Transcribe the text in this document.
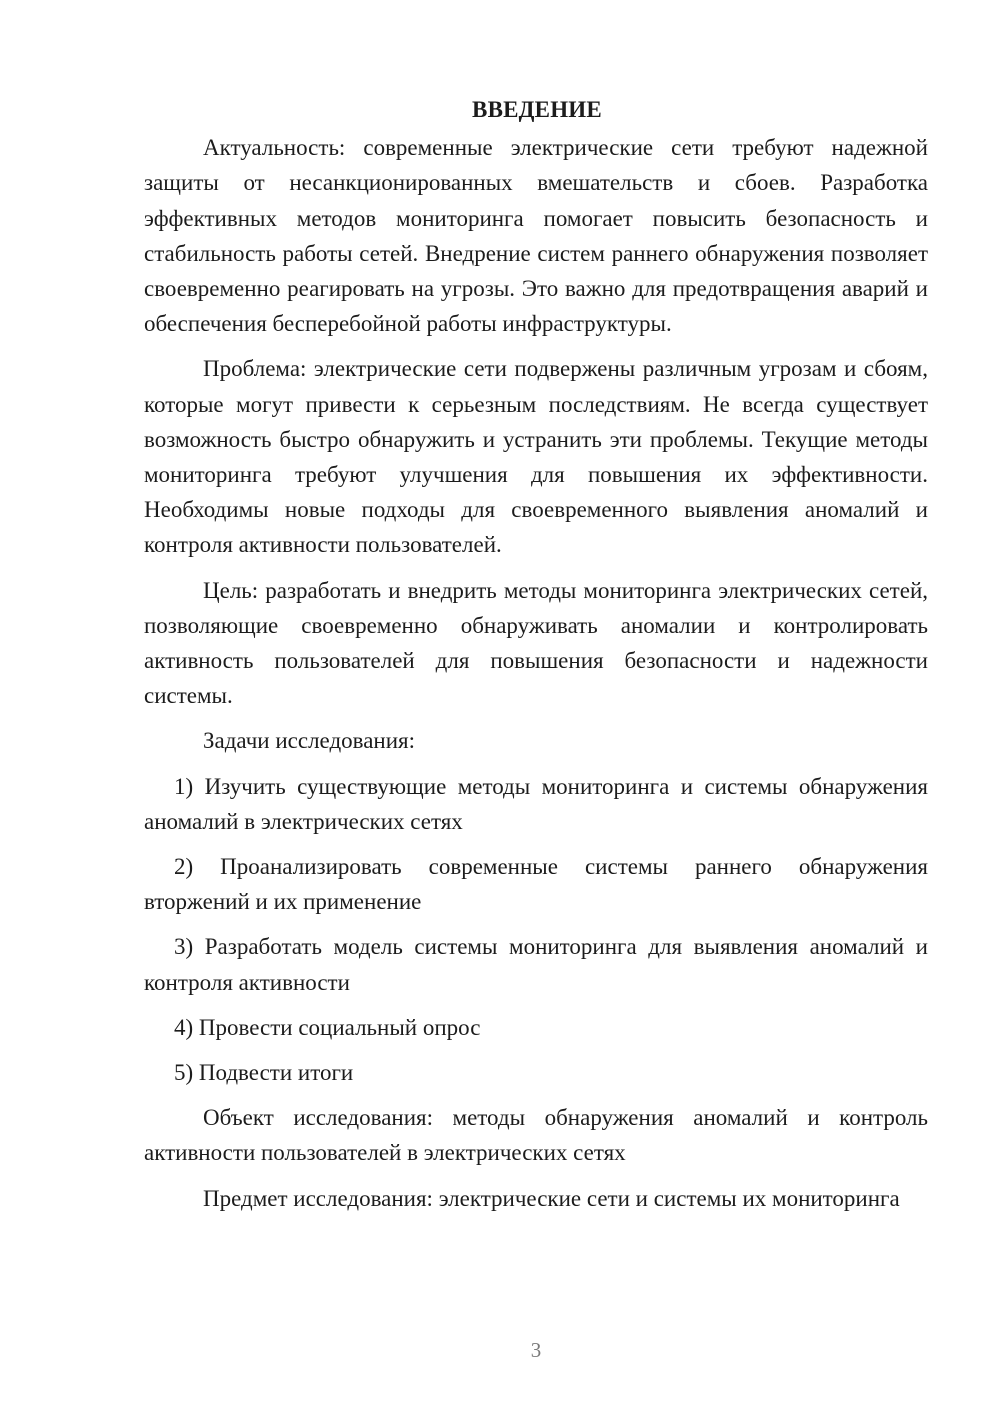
ВВЕДЕНИЕ

Актуальность: современные электрические сети требуют надежной защиты от несанкционированных вмешательств и сбоев. Разработка эффективных методов мониторинга помогает повысить безопасность и стабильность работы сетей. Внедрение систем раннего обнаружения позволяет своевременно реагировать на угрозы. Это важно для предотвращения аварий и обеспечения бесперебойной работы инфраструктуры.

Проблема: электрические сети подвержены различным угрозам и сбоям, которые могут привести к серьезным последствиям. Не всегда существует возможность быстро обнаружить и устранить эти проблемы. Текущие методы мониторинга требуют улучшения для повышения их эффективности. Необходимы новые подходы для своевременного выявления аномалий и контроля активности пользователей.

Цель: разработать и внедрить методы мониторинга электрических сетей, позволяющие своевременно обнаруживать аномалии и контролировать активность пользователей для повышения безопасности и надежности системы.

Задачи исследования:

1) Изучить существующие методы мониторинга и системы обнаружения аномалий в электрических сетях

2) Проанализировать современные системы раннего обнаружения вторжений и их применение

3) Разработать модель системы мониторинга для выявления аномалий и контроля активности

4) Провести социальный опрос

5) Подвести итоги

Объект исследования: методы обнаружения аномалий и контроль активности пользователей в электрических сетях

Предмет исследования: электрические сети и системы их мониторинга

3
